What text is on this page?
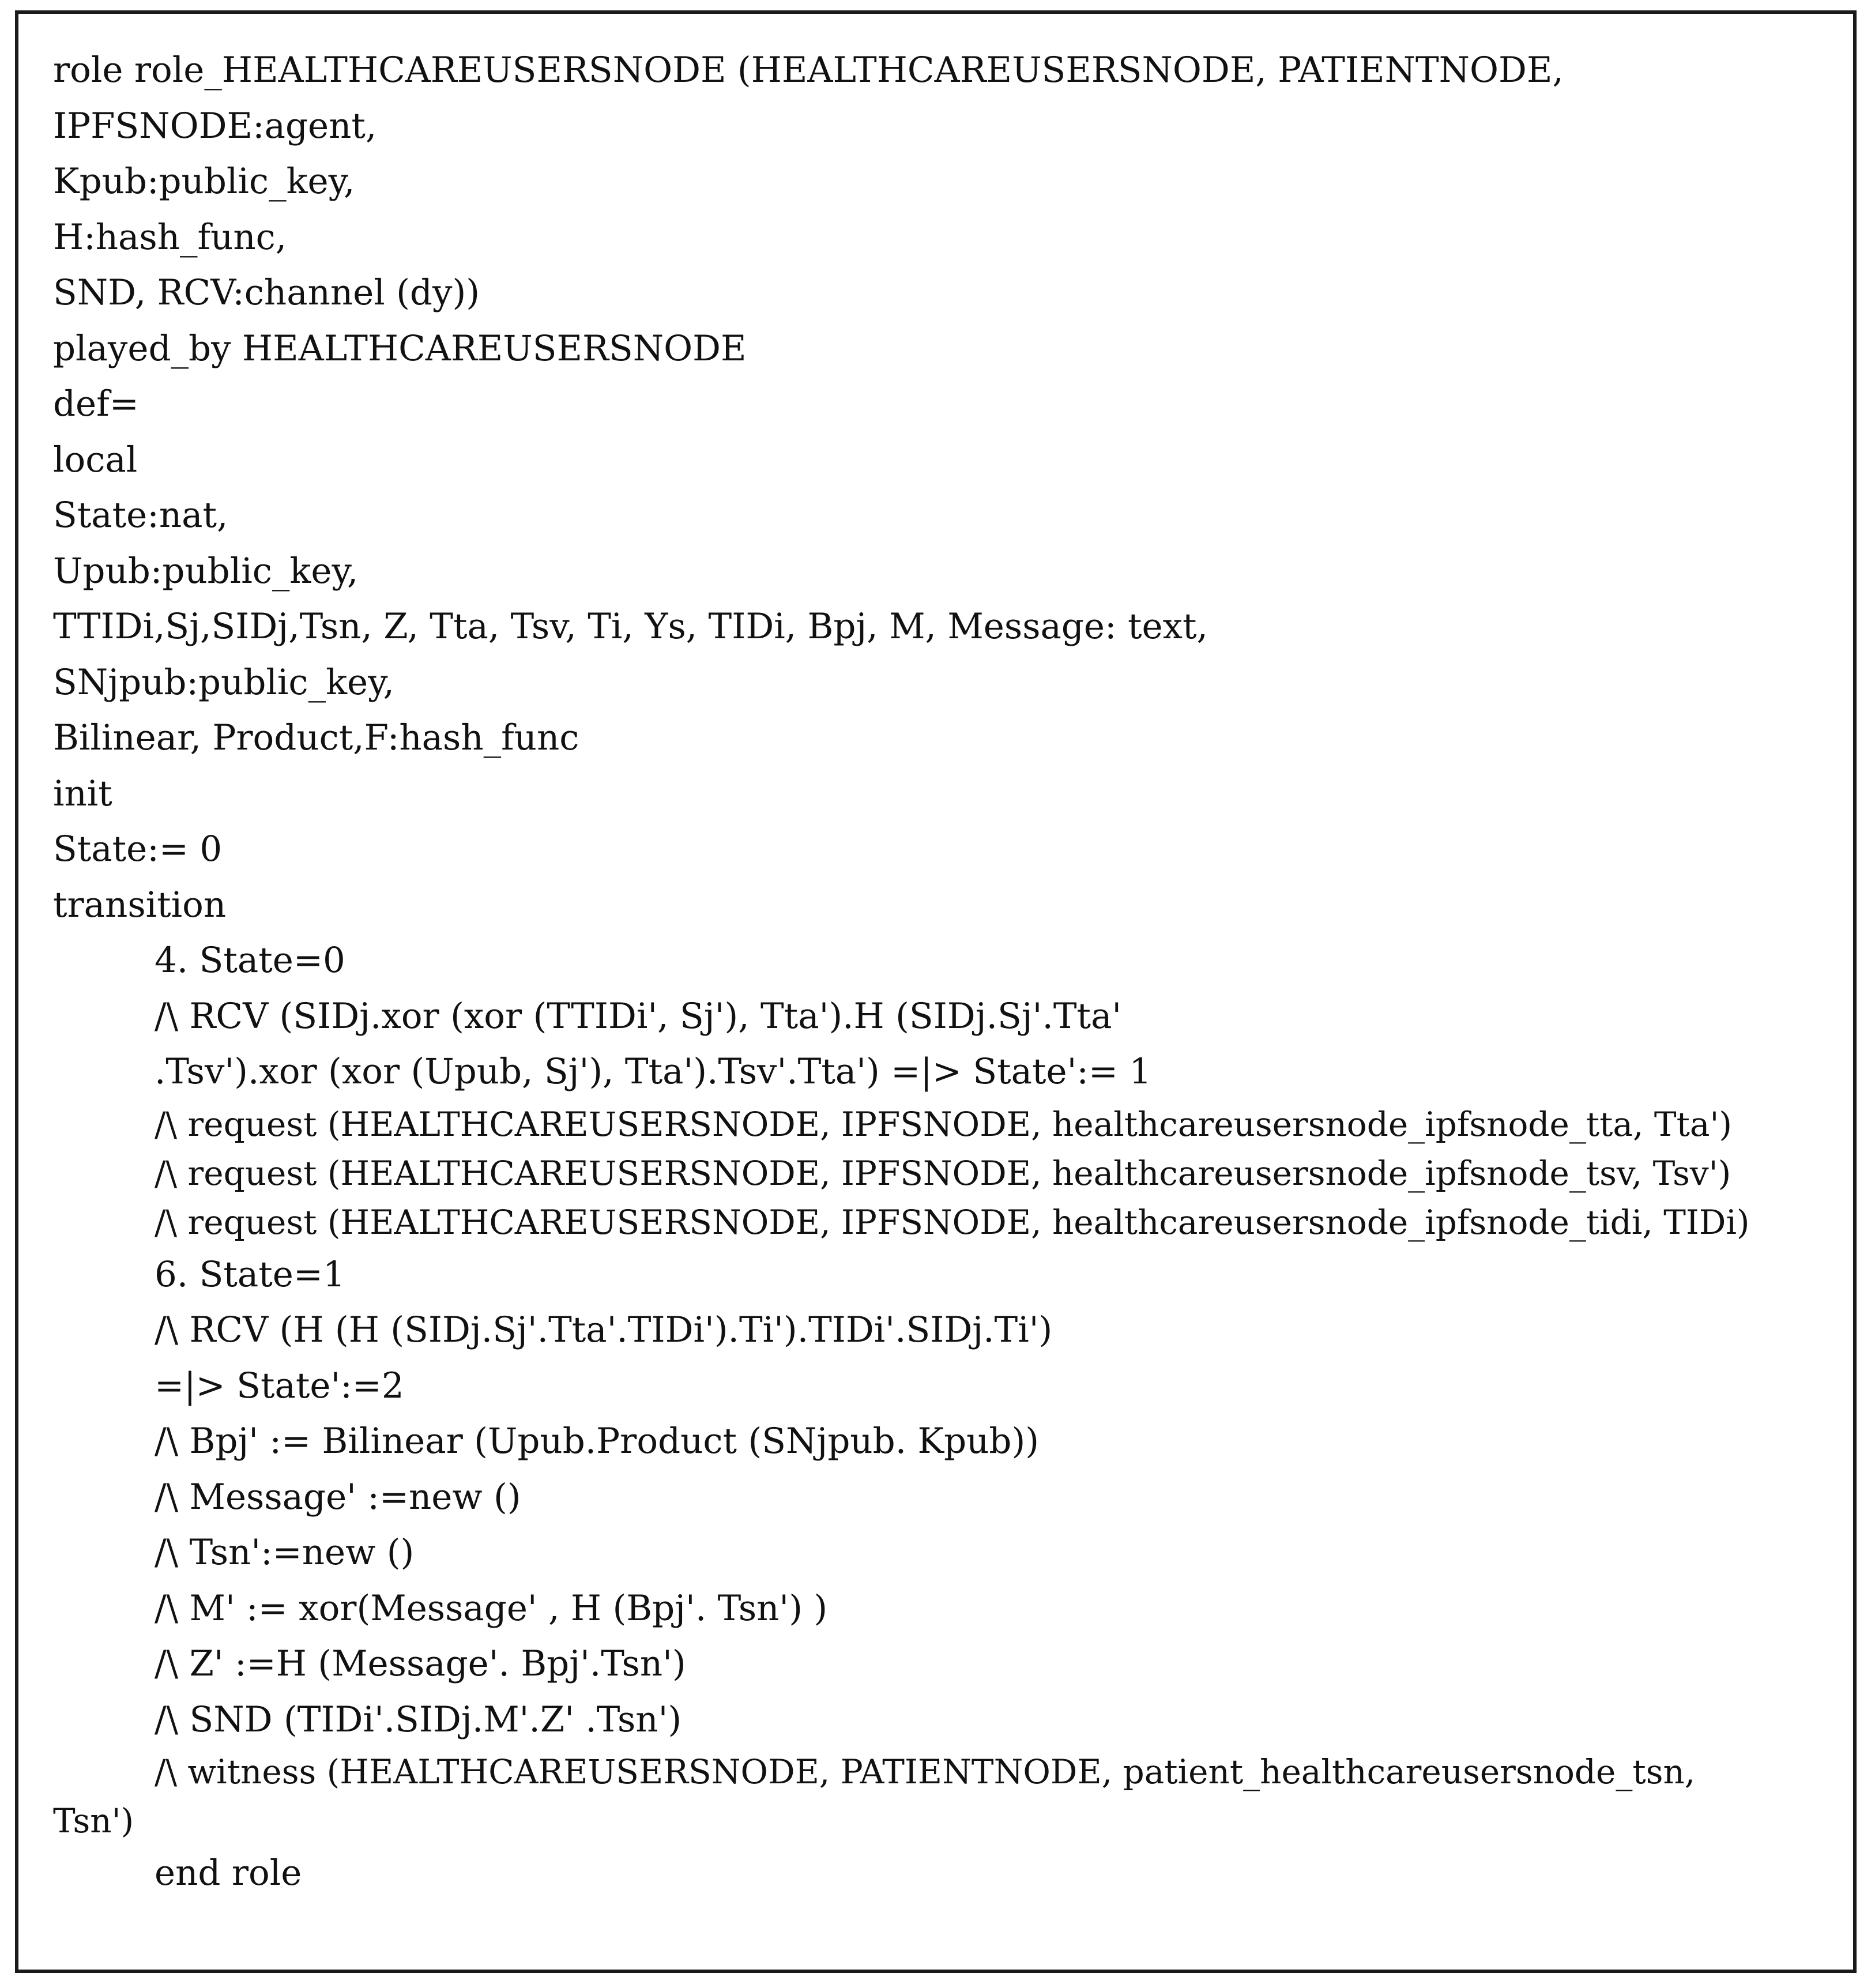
role role_HEALTHCAREUSERSNODE (HEALTHCAREUSERSNODE, PATIENTNODE,
IPFSNODE:agent,
Kpub:public_key,
H:hash_func,
SND, RCV:channel (dy))
played_by HEALTHCAREUSERSNODE
def=
local
State:nat,
Upub:public_key,
TTIDi,Sj,SIDj,Tsn, Z, Tta, Tsv, Ti, Ys, TIDi, Bpj, M, Message: text,
SNjpub:public_key,
Bilinear, Product,F:hash_func
init
State:= 0
transition
4. State=0
/\ RCV (SIDj.xor (xor (TTIDi', Sj'), Tta').H (SIDj.Sj'.Tta'
.Tsv').xor (xor (Upub, Sj'), Tta').Tsv'.Tta') =|> State':= 1
/\ request (HEALTHCAREUSERSNODE, IPFSNODE, healthcareusersnode_ipfsnode_tta, Tta')
/\ request (HEALTHCAREUSERSNODE, IPFSNODE, healthcareusersnode_ipfsnode_tsv, Tsv')
/\ request (HEALTHCAREUSERSNODE, IPFSNODE, healthcareusersnode_ipfsnode_tidi, TIDi)
6. State=1
/\ RCV (H (H (SIDj.Sj'.Tta'.TIDi').Ti').TIDi'.SIDj.Ti')
=|> State':=2
/\ Bpj' := Bilinear (Upub.Product (SNjpub. Kpub))
/\ Message' :=new ()
/\ Tsn':=new ()
/\ M' := xor(Message' , H (Bpj'. Tsn') )
/\ Z' :=H (Message'. Bpj'.Tsn')
/\ SND (TIDi'.SIDj.M'.Z' .Tsn')
/\ witness (HEALTHCAREUSERSNODE, PATIENTNODE, patient_healthcareusersnode_tsn,
Tsn')
end role
